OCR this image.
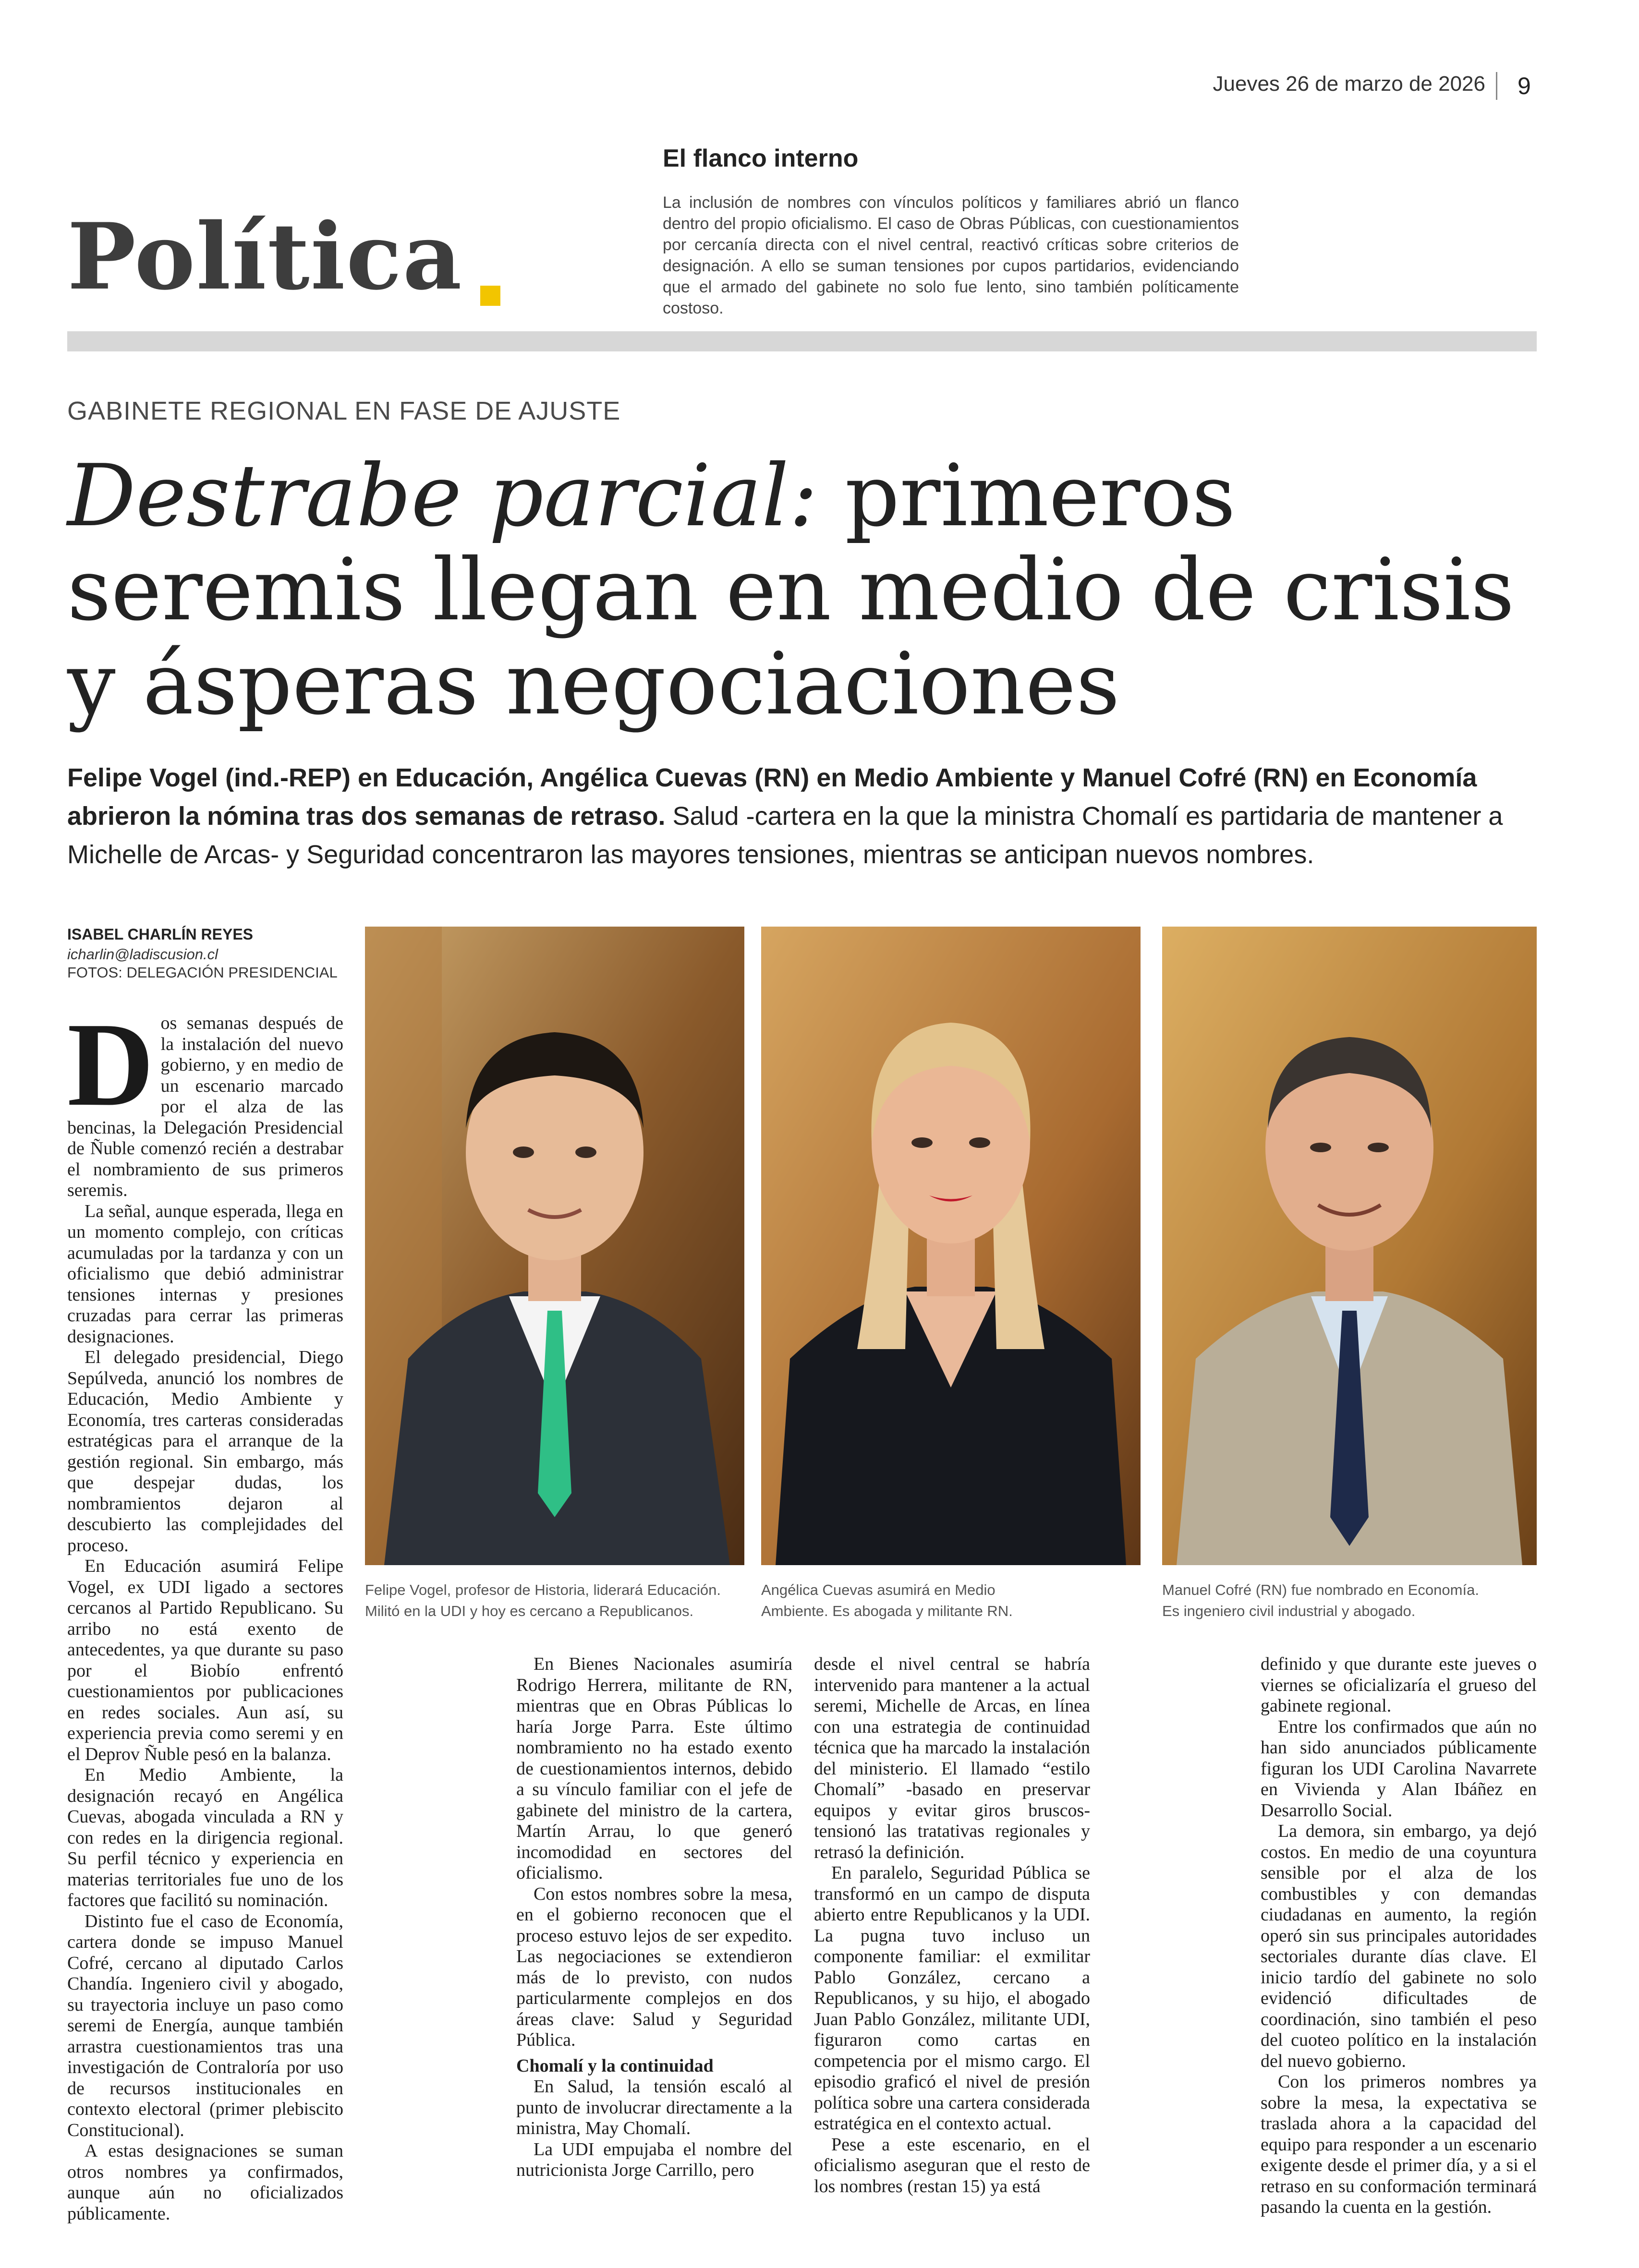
Jueves 26 de marzo de 2026 9
Política
El flanco interno
La inclusión de nombres con vínculos políticos y familiares abrió un flanco dentro del propio oficialismo. El caso de Obras Públicas, con cuestionamientos por cercanía directa con el nivel central, reactivó críticas sobre criterios de designación. A ello se suman tensiones por cupos partidarios, evidenciando que el armado del gabinete no solo fue lento, sino también políticamente costoso.
GABINETE REGIONAL EN FASE DE AJUSTE
Destrabe parcial: primeros seremis llegan en medio de crisis y ásperas negociaciones
Felipe Vogel (ind.-REP) en Educación, Angélica Cuevas (RN) en Medio Ambiente y Manuel Cofré (RN) en Economía abrieron la nómina tras dos semanas de retraso. Salud -cartera en la que la ministra Chomalí es partidaria de mantener a Michelle de Arcas- y Seguridad concentraron las mayores tensiones, mientras se anticipan nuevos nombres.
ISABEL CHARLÍN REYES
icharlin@ladiscusion.cl
FOTOS: DELEGACIÓN PRESIDENCIAL
Felipe Vogel, profesor de Historia, liderará Educación.
Militó en la UDI y hoy es cercano a Republicanos.
Angélica Cuevas asumirá en Medio
Ambiente. Es abogada y militante RN.
Manuel Cofré (RN) fue nombrado en Economía.
Es ingeniero civil industrial y abogado.

Dos semanas después de la instalación del nuevo gobierno, y en medio de un escenario marcado por el alza de las bencinas, la Delegación Presidencial de Ñuble comenzó recién a destrabar el nombramiento de sus primeros seremis.

La señal, aunque esperada, llega en un momento complejo, con críticas acumuladas por la tardanza y con un oficialismo que debió administrar tensiones internas y presiones cruzadas para cerrar las primeras designaciones.

El delegado presidencial, Diego Sepúlveda, anunció los nombres de Educación, Medio Ambiente y Economía, tres carteras consideradas estratégicas para el arranque de la gestión regional. Sin embargo, más que despejar dudas, los nombramientos dejaron al descubierto las complejidades del proceso.

En Educación asumirá Felipe Vogel, ex UDI ligado a sectores cercanos al Partido Republicano. Su arribo no está exento de antecedentes, ya que durante su paso por el Biobío enfrentó cuestionamientos por publicaciones en redes sociales. Aun así, su experiencia previa como seremi y en el Deprov Ñuble pesó en la balanza.

En Medio Ambiente, la designación recayó en Angélica Cuevas, abogada vinculada a RN y con redes en la dirigencia regional. Su perfil técnico y experiencia en materias territoriales fue uno de los factores que facilitó su nominación.

Distinto fue el caso de Economía, cartera donde se impuso Manuel Cofré, cercano al diputado Carlos Chandía. Ingeniero civil y abogado, su trayectoria incluye un paso como seremi de Energía, aunque también arrastra cuestionamientos tras una investigación de Contraloría por uso de recursos institucionales en contexto electoral (primer plebiscito Constitucional).

A estas designaciones se suman otros nombres ya confirmados, aunque aún no oficializados públicamente.

En Bienes Nacionales asumiría Rodrigo Herrera, militante de RN, mientras que en Obras Públicas lo haría Jorge Parra. Este último nombramiento no ha estado exento de cuestionamientos internos, debido a su vínculo familiar con el jefe de gabinete del ministro de la cartera, Martín Arrau, lo que generó incomodidad en sectores del oficialismo.

Con estos nombres sobre la mesa, en el gobierno reconocen que el proceso estuvo lejos de ser expedito. Las negociaciones se extendieron más de lo previsto, con nudos particularmente complejos en dos áreas clave: Salud y Seguridad Pública.

Chomalí y la continuidad

En Salud, la tensión escaló al punto de involucrar directamente a la ministra, May Chomalí.

La UDI empujaba el nombre del nutricionista Jorge Carrillo, pero

desde el nivel central se habría intervenido para mantener a la actual seremi, Michelle de Arcas, en línea con una estrategia de continuidad técnica que ha marcado la instalación del ministerio. El llamado “estilo Chomalí” -basado en preservar equipos y evitar giros bruscos- tensionó las tratativas regionales y retrasó la definición.

En paralelo, Seguridad Pública se transformó en un campo de disputa abierto entre Republicanos y la UDI. La pugna tuvo incluso un componente familiar: el exmilitar Pablo González, cercano a Republicanos, y su hijo, el abogado Juan Pablo González, militante UDI, figuraron como cartas en competencia por el mismo cargo. El episodio graficó el nivel de presión política sobre una cartera considerada estratégica en el contexto actual.

Pese a este escenario, en el oficialismo aseguran que el resto de los nombres (restan 15) ya está

definido y que durante este jueves o viernes se oficializaría el grueso del gabinete regional.

Entre los confirmados que aún no han sido anunciados públicamente figuran los UDI Carolina Navarrete en Vivienda y Alan Ibáñez en Desarrollo Social.

La demora, sin embargo, ya dejó costos. En medio de una coyuntura sensible por el alza de los combustibles y con demandas ciudadanas en aumento, la región operó sin sus principales autoridades sectoriales durante días clave. El inicio tardío del gabinete no solo evidenció dificultades de coordinación, sino también el peso del cuoteo político en la instalación del nuevo gobierno.

Con los primeros nombres ya sobre la mesa, la expectativa se traslada ahora a la capacidad del equipo para responder a un escenario exigente desde el primer día, y a si el retraso en su conformación terminará pasando la cuenta en la gestión.
